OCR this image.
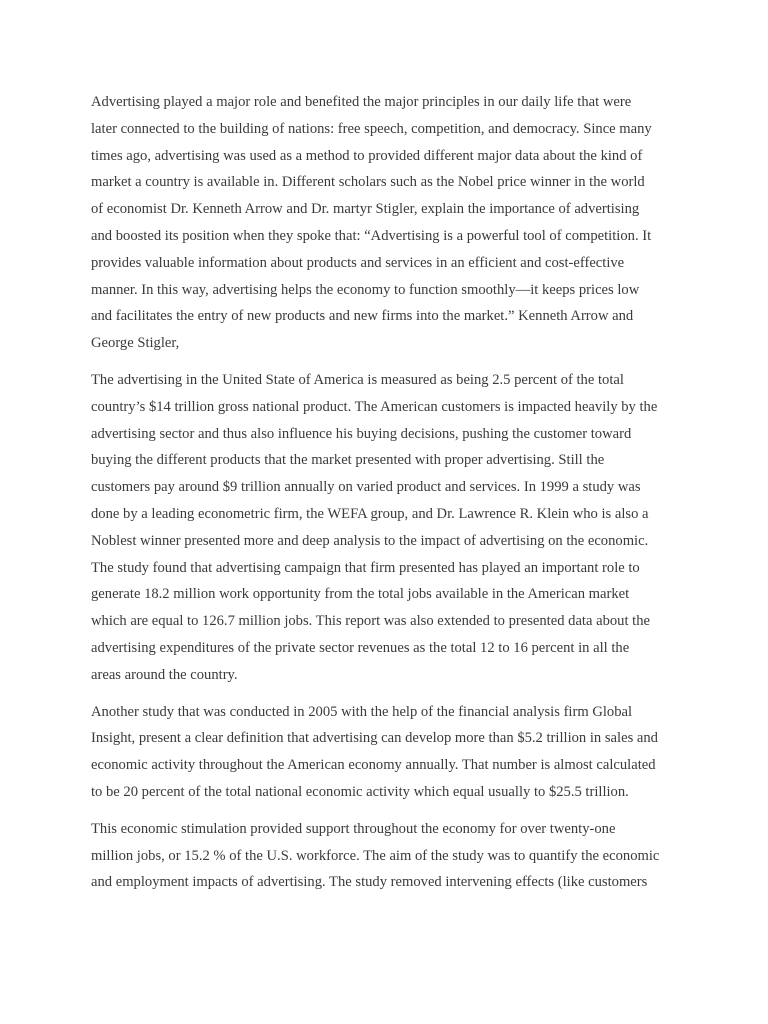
Advertising played a major role and benefited the major principles in our daily life that were
later connected to the building of nations: free speech, competition, and democracy. Since many
times ago, advertising was used as a method to provided different major data about the kind of
market a country is available in. Different scholars such as the Nobel price winner in the world
of economist Dr. Kenneth Arrow and Dr. martyr Stigler, explain the importance of advertising
and boosted its position when they spoke that: “Advertising is a powerful tool of competition. It
provides valuable information about products and services in an efficient and cost-effective
manner. In this way, advertising helps the economy to function smoothly—it keeps prices low
and facilitates the entry of new products and new firms into the market.” Kenneth Arrow and
George Stigler,

The advertising in the United State of America is measured as being 2.5 percent of the total
country’s $14 trillion gross national product. The American customers is impacted heavily by the
advertising sector and thus also influence his buying decisions, pushing the customer toward
buying the different products that the market presented with proper advertising. Still the
customers pay around $9 trillion annually on varied product and services. In 1999 a study was
done by a leading econometric firm, the WEFA group, and Dr. Lawrence R. Klein who is also a
Noblest winner presented more and deep analysis to the impact of advertising on the economic.
The study found that advertising campaign that firm presented has played an important role to
generate 18.2 million work opportunity from the total jobs available in the American market
which are equal to 126.7 million jobs. This report was also extended to presented data about the
advertising expenditures of the private sector revenues as the total 12 to 16 percent in all the
areas around the country.

Another study that was conducted in 2005 with the help of the financial analysis firm Global
Insight, present a clear definition that advertising can develop more than $5.2 trillion in sales and
economic activity throughout the American economy annually. That number is almost calculated
to be 20 percent of the total national economic activity which equal usually to $25.5 trillion.

This economic stimulation provided support throughout the economy for over twenty-one
million jobs, or 15.2 % of the U.S. workforce. The aim of the study was to quantify the economic
and employment impacts of advertising. The study removed intervening effects (like customers
